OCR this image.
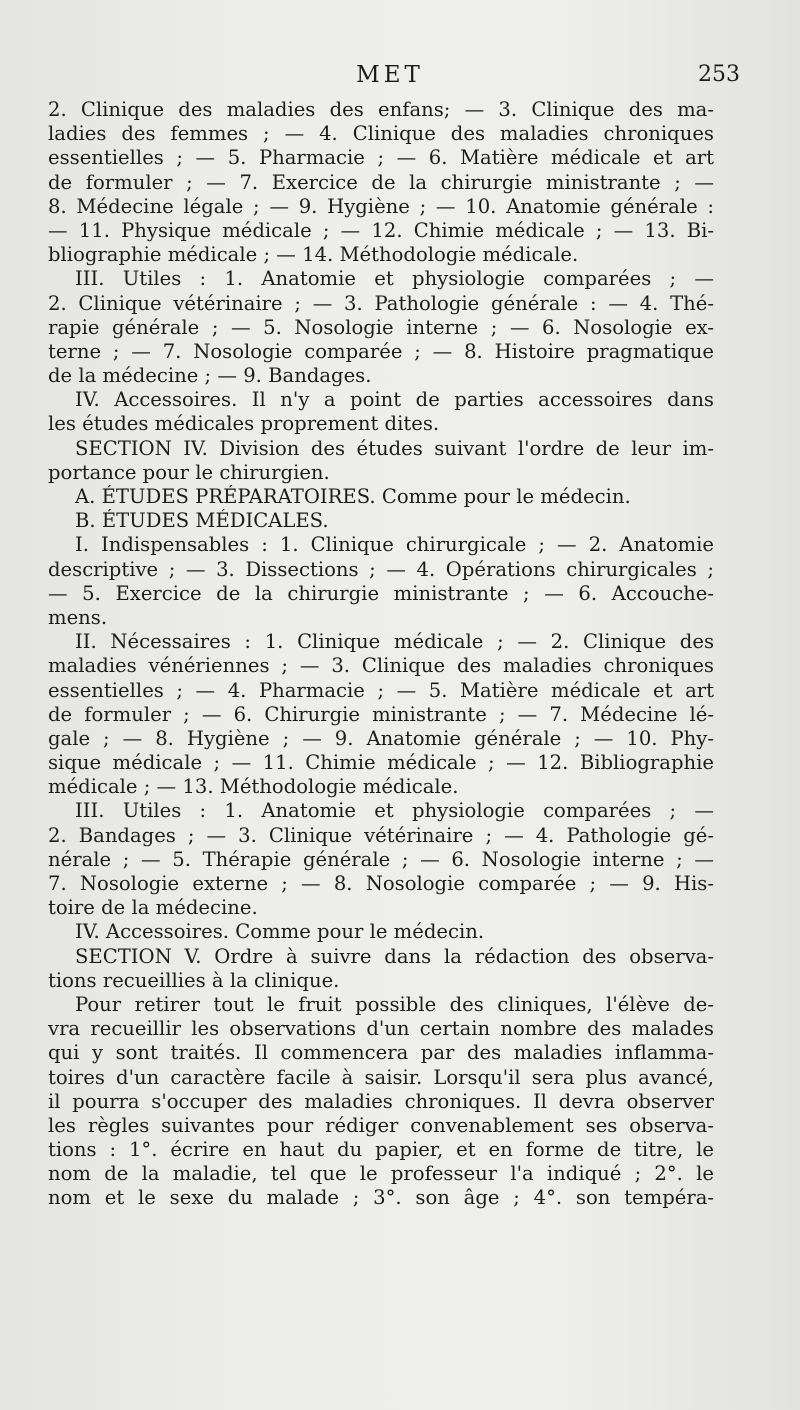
MET	253
2. Clinique des maladies des enfans; — 3. Clinique des ma-
ladies des femmes ; — 4. Clinique des maladies chroniques
essentielles ; — 5. Pharmacie ; — 6. Matière médicale et art
de formuler ; — 7. Exercice de la chirurgie ministrante ; —
8. Médecine légale ; — 9. Hygiène ; — 10. Anatomie générale :
— 11. Physique médicale ; — 12. Chimie médicale ; — 13. Bi-
bliographie médicale ; — 14. Méthodologie médicale.
III. Utiles : 1. Anatomie et physiologie comparées ; —
2. Clinique vétérinaire ; — 3. Pathologie générale : — 4. Thé-
rapie générale ; — 5. Nosologie interne ; — 6. Nosologie ex-
terne ; — 7. Nosologie comparée ; — 8. Histoire pragmatique
de la médecine ; — 9. Bandages.
IV. Accessoires. Il n'y a point de parties accessoires dans
les études médicales proprement dites.
SECTION IV. Division des études suivant l'ordre de leur im-
portance pour le chirurgien.
A. ÉTUDES PRÉPARATOIRES. Comme pour le médecin.
B. ÉTUDES MÉDICALES.
I. Indispensables : 1. Clinique chirurgicale ; — 2. Anatomie
descriptive ; — 3. Dissections ; — 4. Opérations chirurgicales ;
— 5. Exercice de la chirurgie ministrante ; — 6. Accouche-
mens.
II. Nécessaires : 1. Clinique médicale ; — 2. Clinique des
maladies vénériennes ; — 3. Clinique des maladies chroniques
essentielles ; — 4. Pharmacie ; — 5. Matière médicale et art
de formuler ; — 6. Chirurgie ministrante ; — 7. Médecine lé-
gale ; — 8. Hygiène ; — 9. Anatomie générale ; — 10. Phy-
sique médicale ; — 11. Chimie médicale ; — 12. Bibliographie
médicale ; — 13. Méthodologie médicale.
III. Utiles : 1. Anatomie et physiologie comparées ; —
2. Bandages ; — 3. Clinique vétérinaire ; — 4. Pathologie gé-
nérale ; — 5. Thérapie générale ; — 6. Nosologie interne ; —
7. Nosologie externe ; — 8. Nosologie comparée ; — 9. His-
toire de la médecine.
IV. Accessoires. Comme pour le médecin.
SECTION V. Ordre à suivre dans la rédaction des observa-
tions recueillies à la clinique.
Pour retirer tout le fruit possible des cliniques, l'élève de-
vra recueillir les observations d'un certain nombre des malades
qui y sont traités. Il commencera par des maladies inflamma-
toires d'un caractère facile à saisir. Lorsqu'il sera plus avancé,
il pourra s'occuper des maladies chroniques. Il devra observer
les règles suivantes pour rédiger convenablement ses observa-
tions : 1°. écrire en haut du papier, et en forme de titre, le
nom de la maladie, tel que le professeur l'a indiqué ; 2°. le
nom et le sexe du malade ; 3°. son âge ; 4°. son tempéra-
